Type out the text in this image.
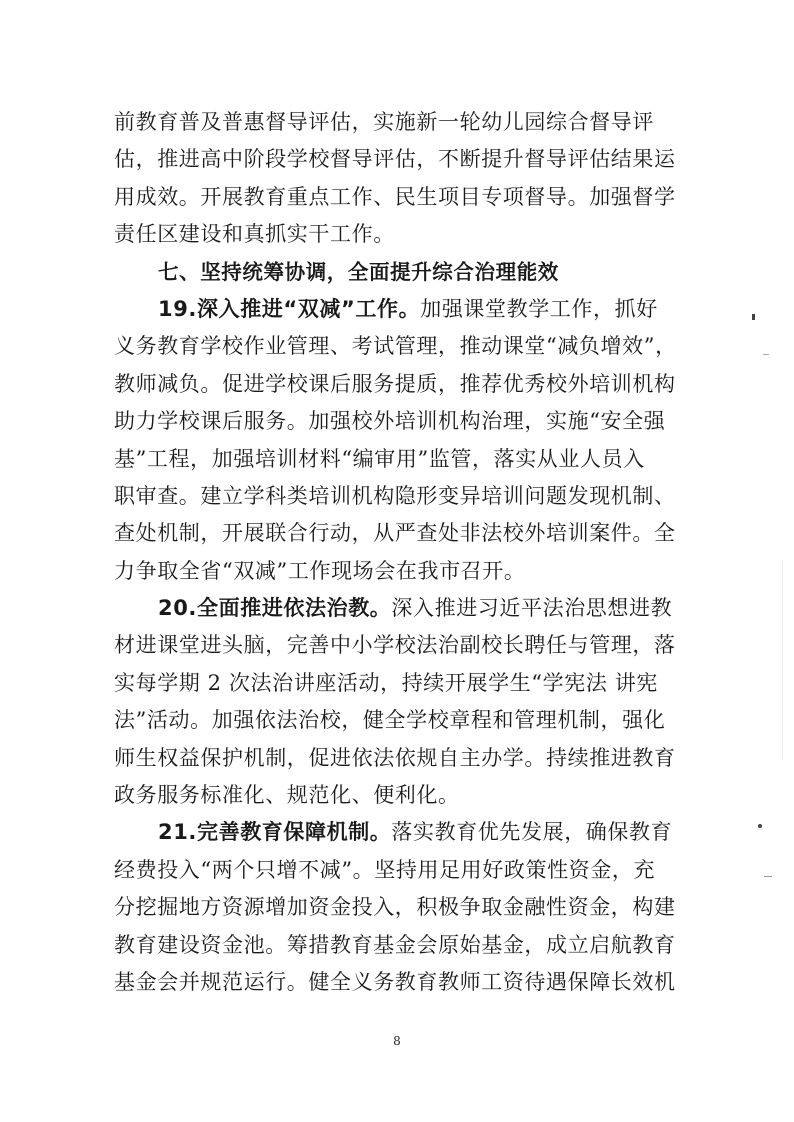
前教育普及普惠督导评估，实施新一轮幼儿园综合督导评
估，推进高中阶段学校督导评估，不断提升督导评估结果运
用成效。开展教育重点工作、民生项目专项督导。加强督学
责任区建设和真抓实干工作。
七、坚持统筹协调，全面提升综合治理能效
19.深入推进“双减”工作。加强课堂教学工作，抓好
义务教育学校作业管理、考试管理，推动课堂“减负增效”，
教师减负。促进学校课后服务提质，推荐优秀校外培训机构
助力学校课后服务。加强校外培训机构治理，实施“安全强
基”工程，加强培训材料“编审用”监管，落实从业人员入
职审查。建立学科类培训机构隐形变异培训问题发现机制、
查处机制，开展联合行动，从严查处非法校外培训案件。全
力争取全省“双减”工作现场会在我市召开。
20.全面推进依法治教。深入推进习近平法治思想进教
材进课堂进头脑，完善中小学校法治副校长聘任与管理，落
实每学期 2 次法治讲座活动，持续开展学生“学宪法 讲宪
法”活动。加强依法治校，健全学校章程和管理机制，强化
师生权益保护机制，促进依法依规自主办学。持续推进教育
政务服务标准化、规范化、便利化。
21.完善教育保障机制。落实教育优先发展，确保教育
经费投入“两个只增不减”。坚持用足用好政策性资金，充
分挖掘地方资源增加资金投入，积极争取金融性资金，构建
教育建设资金池。筹措教育基金会原始基金，成立启航教育
基金会并规范运行。健全义务教育教师工资待遇保障长效机
8
